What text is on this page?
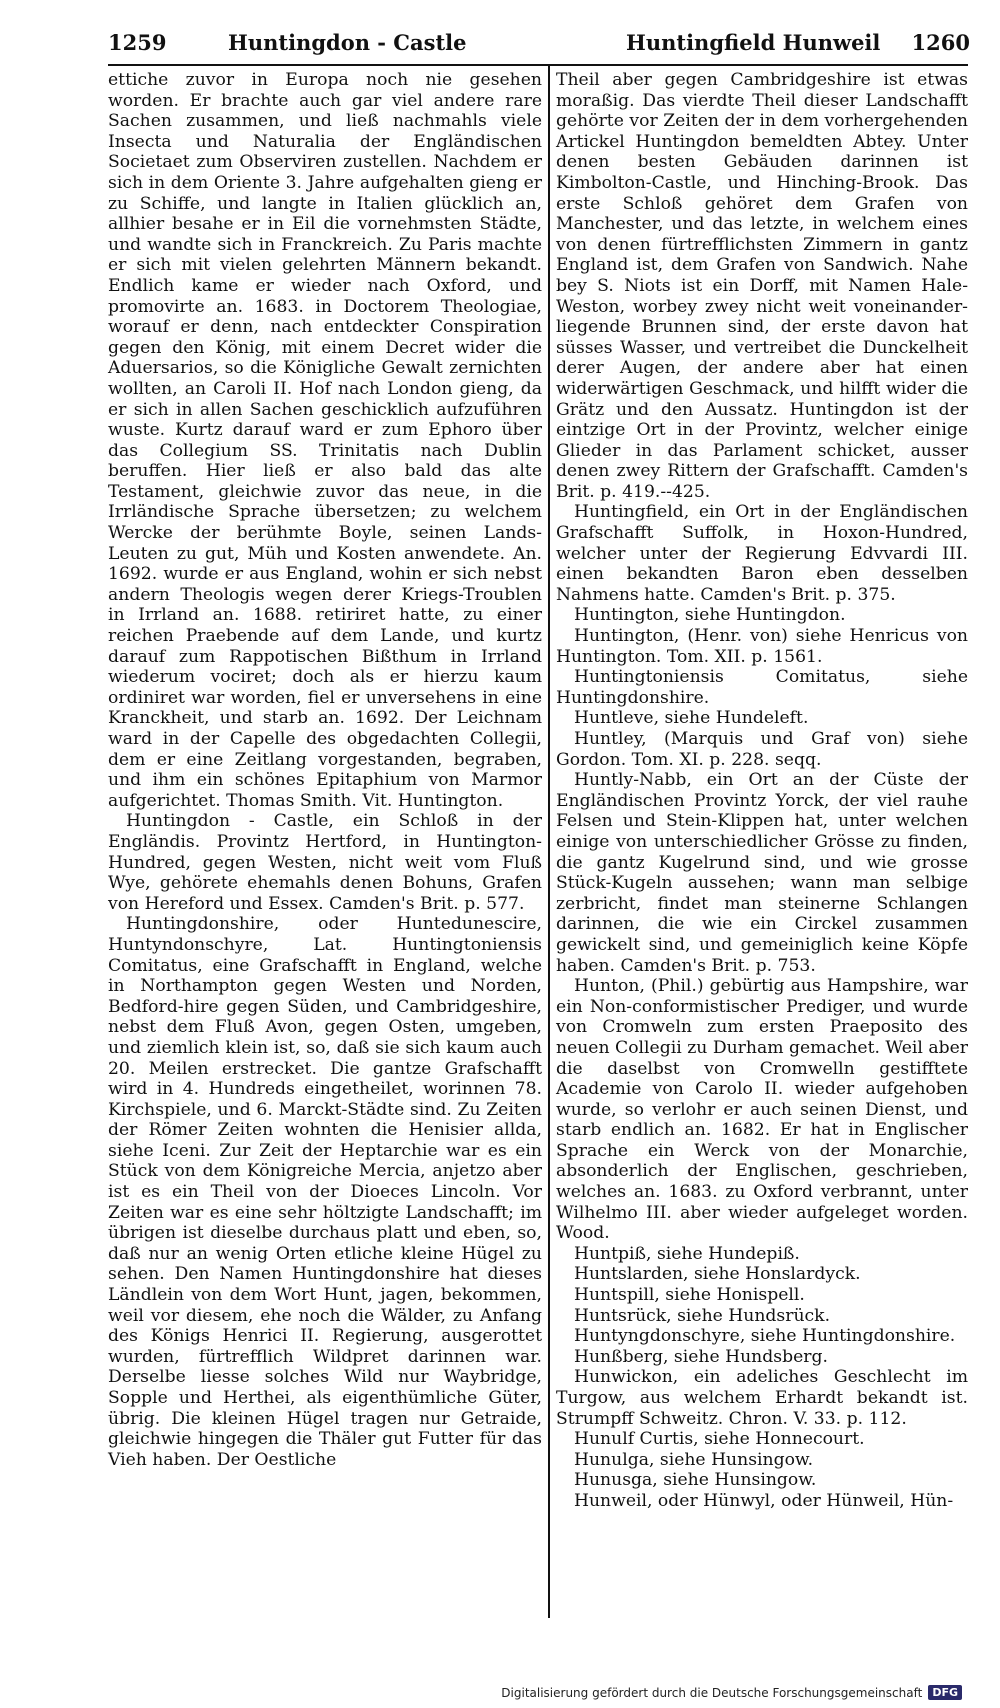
1259	Huntingdon - Castle	Huntingfield Hunweil 1260

ettiche zuvor in Europa noch nie gesehen worden. Er brachte auch gar viel andere rare Sachen zusammen, und ließ nachmahls viele Insecta und Naturalia der Engländischen Societaet zum Observiren zustellen. Nachdem er sich in dem Oriente 3. Jahre aufgehalten gieng er zu Schiffe, und langte in Italien glücklich an, allhier besahe er in Eil die vornehmsten Städte, und wandte sich in Franckreich. Zu Paris machte er sich mit vielen gelehrten Männern bekandt. Endlich kame er wieder nach Oxford, und promovirte an. 1683. in Doctorem Theologiae, worauf er denn, nach entdeckter Conspiration gegen den König, mit einem Decret wider die Aduersarios, so die Königliche Gewalt zernichten wollten, an Caroli II. Hof nach London gieng, da er sich in allen Sachen geschicklich aufzuführen wuste. Kurtz darauf ward er zum Ephoro über das Collegium SS. Trinitatis nach Dublin beruffen. Hier ließ er also bald das alte Testament, gleichwie zuvor das neue, in die Irrländische Sprache übersetzen; zu welchem Wercke der berühmte Boyle, seinen Lands-Leuten zu gut, Müh und Kosten anwendete. An. 1692. wurde er aus England, wohin er sich nebst andern Theologis wegen derer Kriegs-Troublen in Irrland an. 1688. retiriret hatte, zu einer reichen Praebende auf dem Lande, und kurtz darauf zum Rappotischen Bißthum in Irrland wiederum vociret; doch als er hierzu kaum ordiniret war worden, fiel er unversehens in eine Kranckheit, und starb an. 1692. Der Leichnam ward in der Capelle des obgedachten Collegii, dem er eine Zeitlang vorgestanden, begraben, und ihm ein schönes Epitaphium von Marmor aufgerichtet. Thomas Smith. Vit. Huntington.

Huntingdon - Castle, ein Schloß in der Engländis. Provintz Hertford, in Huntington-Hundred, gegen Westen, nicht weit vom Fluß Wye, gehörete ehemahls denen Bohuns, Grafen von Hereford und Essex. Camden's Brit. p. 577.

Huntingdonshire, oder Huntedunescire, Huntyndonschyre, Lat. Huntingtoniensis Comitatus, eine Grafschafft in England, welche in Northampton gegen Westen und Norden, Bedford-hire gegen Süden, und Cambridgeshire, nebst dem Fluß Avon, gegen Osten, umgeben, und ziemlich klein ist, so, daß sie sich kaum auch 20. Meilen erstrecket. Die gantze Grafschafft wird in 4. Hundreds eingetheilet, worinnen 78. Kirchspiele, und 6. Marckt-Städte sind. Zu Zeiten der Römer Zeiten wohnten die Henisier allda, siehe Iceni. Zur Zeit der Heptarchie war es ein Stück von dem Königreiche Mercia, anjetzo aber ist es ein Theil von der Dioeces Lincoln. Vor Zeiten war es eine sehr höltzigte Landschafft; im übrigen ist dieselbe durchaus platt und eben, so, daß nur an wenig Orten etliche kleine Hügel zu sehen. Den Namen Huntingdonshire hat dieses Ländlein von dem Wort Hunt, jagen, bekommen, weil vor diesem, ehe noch die Wälder, zu Anfang des Königs Henrici II. Regierung, ausgerottet wurden, fürtrefflich Wildpret darinnen war. Derselbe liesse solches Wild nur Waybridge, Sopple und Herthei, als eigenthümliche Güter, übrig. Die kleinen Hügel tragen nur Getraide, gleichwie hingegen die Thäler gut Futter für das Vieh haben. Der Oestliche

Theil aber gegen Cambridgeshire ist etwas moraßig. Das vierdte Theil dieser Landschafft gehörte vor Zeiten der in dem vorhergehenden Artickel Huntingdon bemeldten Abtey. Unter denen besten Gebäuden darinnen ist Kimbolton-Castle, und Hinching-Brook. Das erste Schloß gehöret dem Grafen von Manchester, und das letzte, in welchem eines von denen fürtrefflichsten Zimmern in gantz England ist, dem Grafen von Sandwich. Nahe bey S. Niots ist ein Dorff, mit Namen Hale-Weston, worbey zwey nicht weit voneinander-liegende Brunnen sind, der erste davon hat süsses Wasser, und vertreibet die Dunckelheit derer Augen, der andere aber hat einen widerwärtigen Geschmack, und hilfft wider die Grätz und den Aussatz. Huntingdon ist der eintzige Ort in der Provintz, welcher einige Glieder in das Parlament schicket, ausser denen zwey Rittern der Grafschafft. Camden's Brit. p. 419.--425.

Huntingfield, ein Ort in der Engländischen Grafschafft Suffolk, in Hoxon-Hundred, welcher unter der Regierung Edvvardi III. einen bekandten Baron eben desselben Nahmens hatte. Camden's Brit. p. 375.

Huntington, siehe Huntingdon.

Huntington, (Henr. von) siehe Henricus von Huntington. Tom. XII. p. 1561.

Huntingtoniensis Comitatus, siehe Huntingdonshire.

Huntleve, siehe Hundeleft.

Huntley, (Marquis und Graf von) siehe Gordon. Tom. XI. p. 228. seqq.

Huntly-Nabb, ein Ort an der Cüste der Engländischen Provintz Yorck, der viel rauhe Felsen und Stein-Klippen hat, unter welchen einige von unterschiedlicher Grösse zu finden, die gantz Kugelrund sind, und wie grosse Stück-Kugeln aussehen; wann man selbige zerbricht, findet man steinerne Schlangen darinnen, die wie ein Circkel zusammen gewickelt sind, und gemeiniglich keine Köpfe haben. Camden's Brit. p. 753.

Hunton, (Phil.) gebürtig aus Hampshire, war ein Non-conformistischer Prediger, und wurde von Cromweln zum ersten Praeposito des neuen Collegii zu Durham gemachet. Weil aber die daselbst von Cromwelln gestifftete Academie von Carolo II. wieder aufgehoben wurde, so verlohr er auch seinen Dienst, und starb endlich an. 1682. Er hat in Englischer Sprache ein Werck von der Monarchie, absonderlich der Englischen, geschrieben, welches an. 1683. zu Oxford verbrannt, unter Wilhelmo III. aber wieder aufgeleget worden. Wood.

Huntpiß, siehe Hundepiß.

Huntslarden, siehe Honslardyck.

Huntspill, siehe Honispell.

Huntsrück, siehe Hundsrück.

Huntyngdonschyre, siehe Huntingdonshire.

Hunßberg, siehe Hundsberg.

Hunwickon, ein adeliches Geschlecht im Turgow, aus welchem Erhardt bekandt ist. Strumpff Schweitz. Chron. V. 33. p. 112.

Hunulf Curtis, siehe Honnecourt.

Hunulga, siehe Hunsingow.

Hunusga, siehe Hunsingow.

Hunweil, oder Hünwyl, oder Hünweil, Hün-

Digitalisierung gefördert durch die Deutsche Forschungsgemeinschaft DFG
